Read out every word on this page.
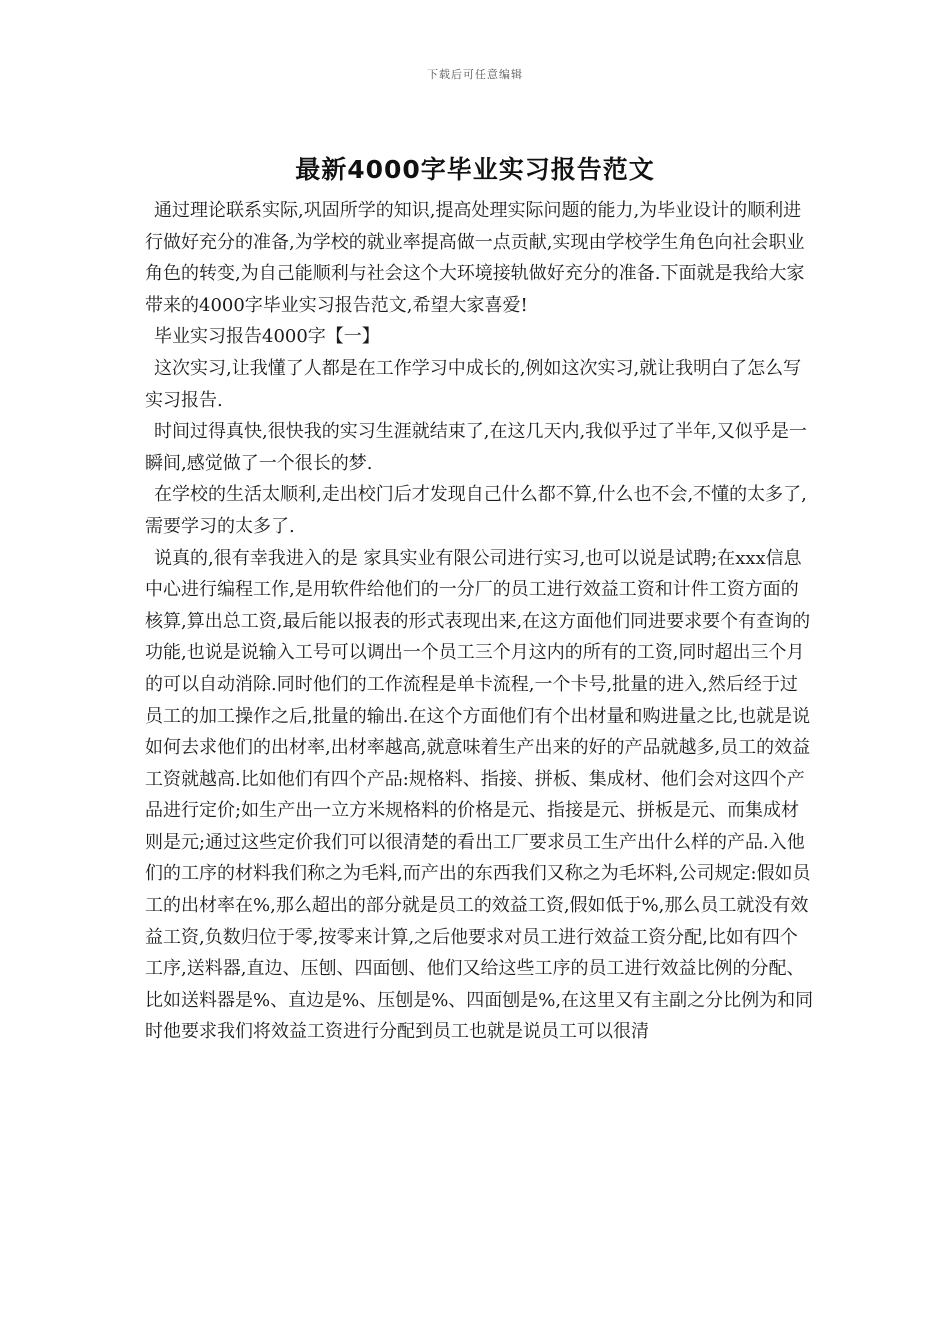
下载后可任意编辑
最新4000字毕业实习报告范文

通过理论联系实际,巩固所学的知识,提高处理实际问题的能力,为毕业设计的顺利进行做好充分的准备,为学校的就业率提高做一点贡献,实现由学校学生角色向社会职业角色的转变,为自己能顺利与社会这个大环境接轨做好充分的准备.下面就是我给大家带来的4000字毕业实习报告范文,希望大家喜爱!

毕业实习报告4000字【一】

这次实习,让我懂了人都是在工作学习中成长的,例如这次实习,就让我明白了怎么写实习报告.

时间过得真快,很快我的实习生涯就结束了,在这几天内,我似乎过了半年,又似乎是一瞬间,感觉做了一个很长的梦.

在学校的生活太顺利,走出校门后才发现自己什么都不算,什么也不会,不懂的太多了,需要学习的太多了.

说真的,很有幸我进入的是 家具实业有限公司进行实习,也可以说是试聘;在xxx信息中心进行编程工作,是用软件给他们的一分厂的员工进行效益工资和计件工资方面的核算,算出总工资,最后能以报表的形式表现出来,在这方面他们同进要求要个有查询的功能,也说是说输入工号可以调出一个员工三个月这内的所有的工资,同时超出三个月的可以自动消除.同时他们的工作流程是单卡流程,一个卡号,批量的进入,然后经于过员工的加工操作之后,批量的输出.在这个方面他们有个出材量和购进量之比,也就是说如何去求他们的出材率,出材率越高,就意味着生产出来的好的产品就越多,员工的效益工资就越高.比如他们有四个产品:规格料、指接、拼板、集成材、他们会对这四个产品进行定价;如生产出一立方米规格料的价格是元、指接是元、拼板是元、而集成材则是元;通过这些定价我们可以很清楚的看出工厂要求员工生产出什么样的产品.入他们的工序的材料我们称之为毛料,而产出的东西我们又称之为毛坏料,公司规定:假如员工的出材率在%,那么超出的部分就是员工的效益工资,假如低于%,那么员工就没有效益工资,负数归位于零,按零来计算,之后他要求对员工进行效益工资分配,比如有四个工序,送料器,直边、压刨、四面刨、他们又给这些工序的员工进行效益比例的分配、比如送料器是%、直边是%、压刨是%、四面刨是%,在这里又有主副之分比例为和同时他要求我们将效益工资进行分配到员工也就是说员工可以很清
